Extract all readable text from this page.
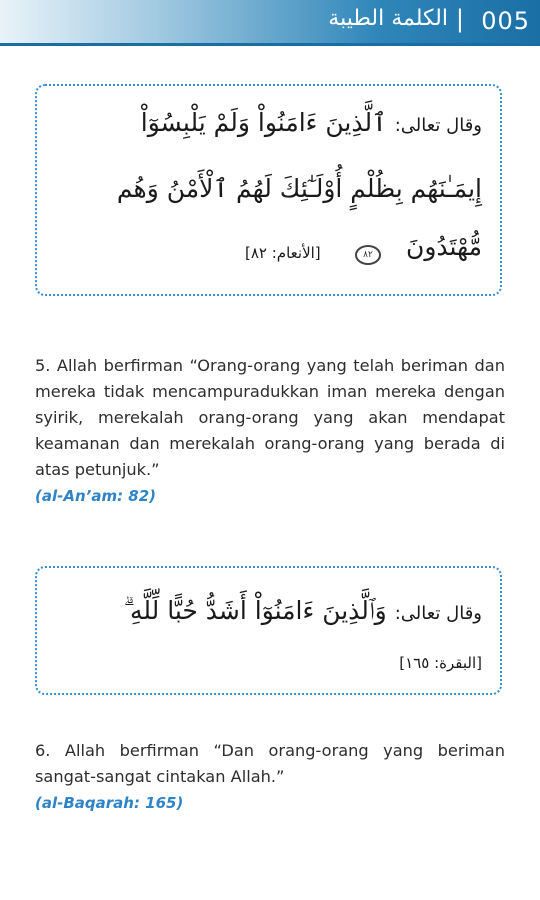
الكلمة الطيبة | 005
وقال تعالى: ٱلَّذِينَ ءَامَنُواْ وَلَمْ يَلْبِسُوٓاْ
إِيمَـٰنَهُم بِظُلْمٍ أُوْلَـٰٓئِكَ لَهُمُ ٱلْأَمْنُ وَهُم
مُّهْتَدُونَ
٨٢
[الأنعام: ٨٢]
5. Allah berfirman “Orang-orang yang telah beriman dan mereka tidak mencampuradukkan iman mereka dengan syirik, merekalah orang-orang yang akan mendapat keamanan dan merekalah orang-orang yang berada di atas petunjuk.”
(al-An’am: 82)
وقال تعالى: وَٱلَّذِينَ ءَامَنُوٓاْ أَشَدُّ حُبًّا لِّلَّهِ ۗ
[البقرة: ١٦٥]
6. Allah berfirman “Dan orang-orang yang beriman sangat-sangat cintakan Allah.”
(al-Baqarah: 165)
